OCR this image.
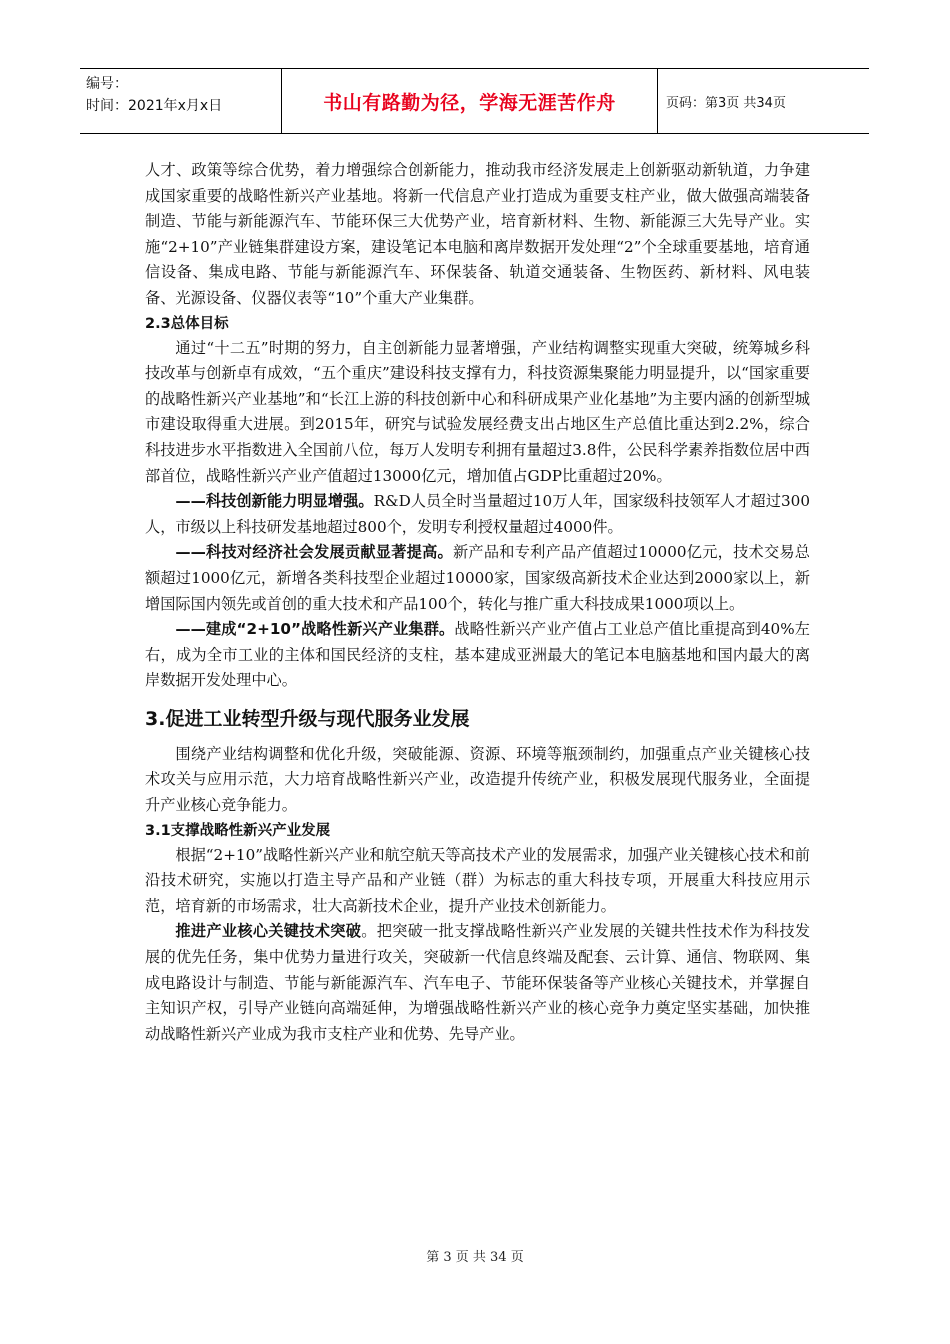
编号：
时间：2021年x月x日	书山有路勤为径，学海无涯苦作舟	页码：第3页 共34页

人才、政策等综合优势，着力增强综合创新能力，推动我市经济发展走上创新驱动新轨道，力争建成国家重要的战略性新兴产业基地。将新一代信息产业打造成为重要支柱产业，做大做强高端装备制造、节能与新能源汽车、节能环保三大优势产业，培育新材料、生物、新能源三大先导产业。实施“2+10”产业链集群建设方案，建设笔记本电脑和离岸数据开发处理“2”个全球重要基地，培育通信设备、集成电路、节能与新能源汽车、环保装备、轨道交通装备、生物医药、新材料、风电装备、光源设备、仪器仪表等“10”个重大产业集群。

2.3总体目标

通过“十二五”时期的努力，自主创新能力显著增强，产业结构调整实现重大突破，统筹城乡科技改革与创新卓有成效，“五个重庆”建设科技支撑有力，科技资源集聚能力明显提升，以“国家重要的战略性新兴产业基地”和“长江上游的科技创新中心和科研成果产业化基地”为主要内涵的创新型城市建设取得重大进展。到2015年，研究与试验发展经费支出占地区生产总值比重达到2.2%，综合科技进步水平指数进入全国前八位，每万人发明专利拥有量超过3.8件，公民科学素养指数位居中西部首位，战略性新兴产业产值超过13000亿元，增加值占GDP比重超过20%。

——科技创新能力明显增强。R&D人员全时当量超过10万人年，国家级科技领军人才超过300人，市级以上科技研发基地超过800个，发明专利授权量超过4000件。

——科技对经济社会发展贡献显著提高。新产品和专利产品产值超过10000亿元，技术交易总额超过1000亿元，新增各类科技型企业超过10000家，国家级高新技术企业达到2000家以上，新增国际国内领先或首创的重大技术和产品100个，转化与推广重大科技成果1000项以上。

——建成“2+10”战略性新兴产业集群。战略性新兴产业产值占工业总产值比重提高到40%左右，成为全市工业的主体和国民经济的支柱，基本建成亚洲最大的笔记本电脑基地和国内最大的离岸数据开发处理中心。

3.促进工业转型升级与现代服务业发展

围绕产业结构调整和优化升级，突破能源、资源、环境等瓶颈制约，加强重点产业关键核心技术攻关与应用示范，大力培育战略性新兴产业，改造提升传统产业，积极发展现代服务业，全面提升产业核心竞争能力。

3.1支撑战略性新兴产业发展

根据“2+10”战略性新兴产业和航空航天等高技术产业的发展需求，加强产业关键核心技术和前沿技术研究，实施以打造主导产品和产业链（群）为标志的重大科技专项，开展重大科技应用示范，培育新的市场需求，壮大高新技术企业，提升产业技术创新能力。

推进产业核心关键技术突破。把突破一批支撑战略性新兴产业发展的关键共性技术作为科技发展的优先任务，集中优势力量进行攻关，突破新一代信息终端及配套、云计算、通信、物联网、集成电路设计与制造、节能与新能源汽车、汽车电子、节能环保装备等产业核心关键技术，并掌握自主知识产权，引导产业链向高端延伸，为增强战略性新兴产业的核心竞争力奠定坚实基础，加快推动战略性新兴产业成为我市支柱产业和优势、先导产业。

第 3 页 共 34 页
